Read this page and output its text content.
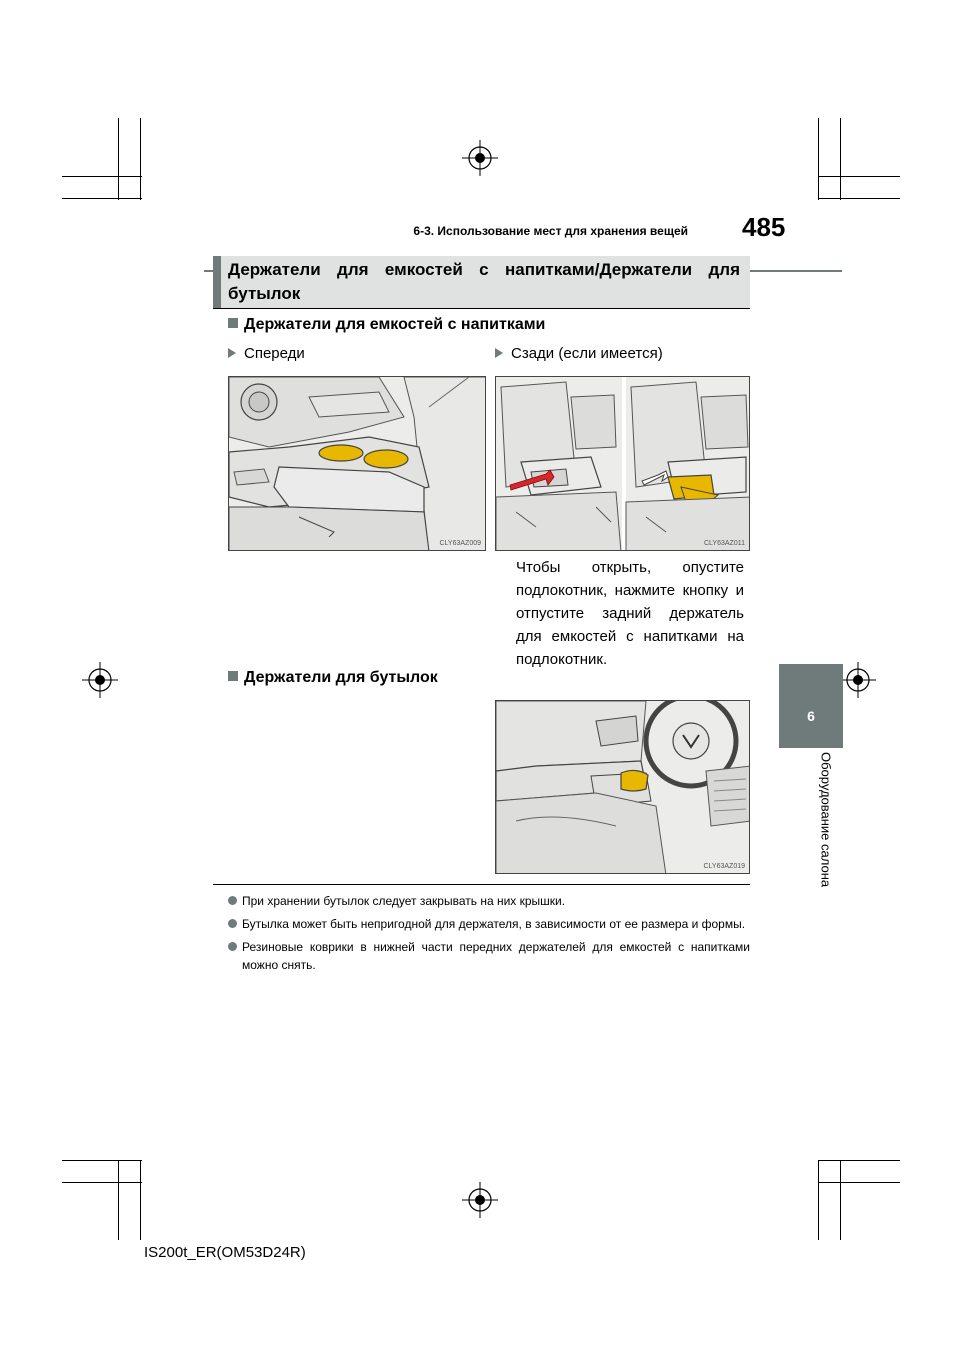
6-3. Использование мест для хранения вещей 485
Держатели для емкостей с напитками/Держатели для бутылок
Держатели для емкостей с напитками
Спереди	Сзади (если имеется)
CLY63AZ009	CLY63AZ011
Чтобы открыть, опустите подлокотник, нажмите кнопку и отпустите задний держатель для емкостей с напитками на подлокотник.
Держатели для бутылок
CLY63AZ019
При хранении бутылок следует закрывать на них крышки.
Бутылка может быть непригодной для держателя, в зависимости от ее размера и формы.
Резиновые коврики в нижней части передних держателей для емкостей с напитками можно снять.
6
Оборудование салона
IS200t_ER(OM53D24R)
